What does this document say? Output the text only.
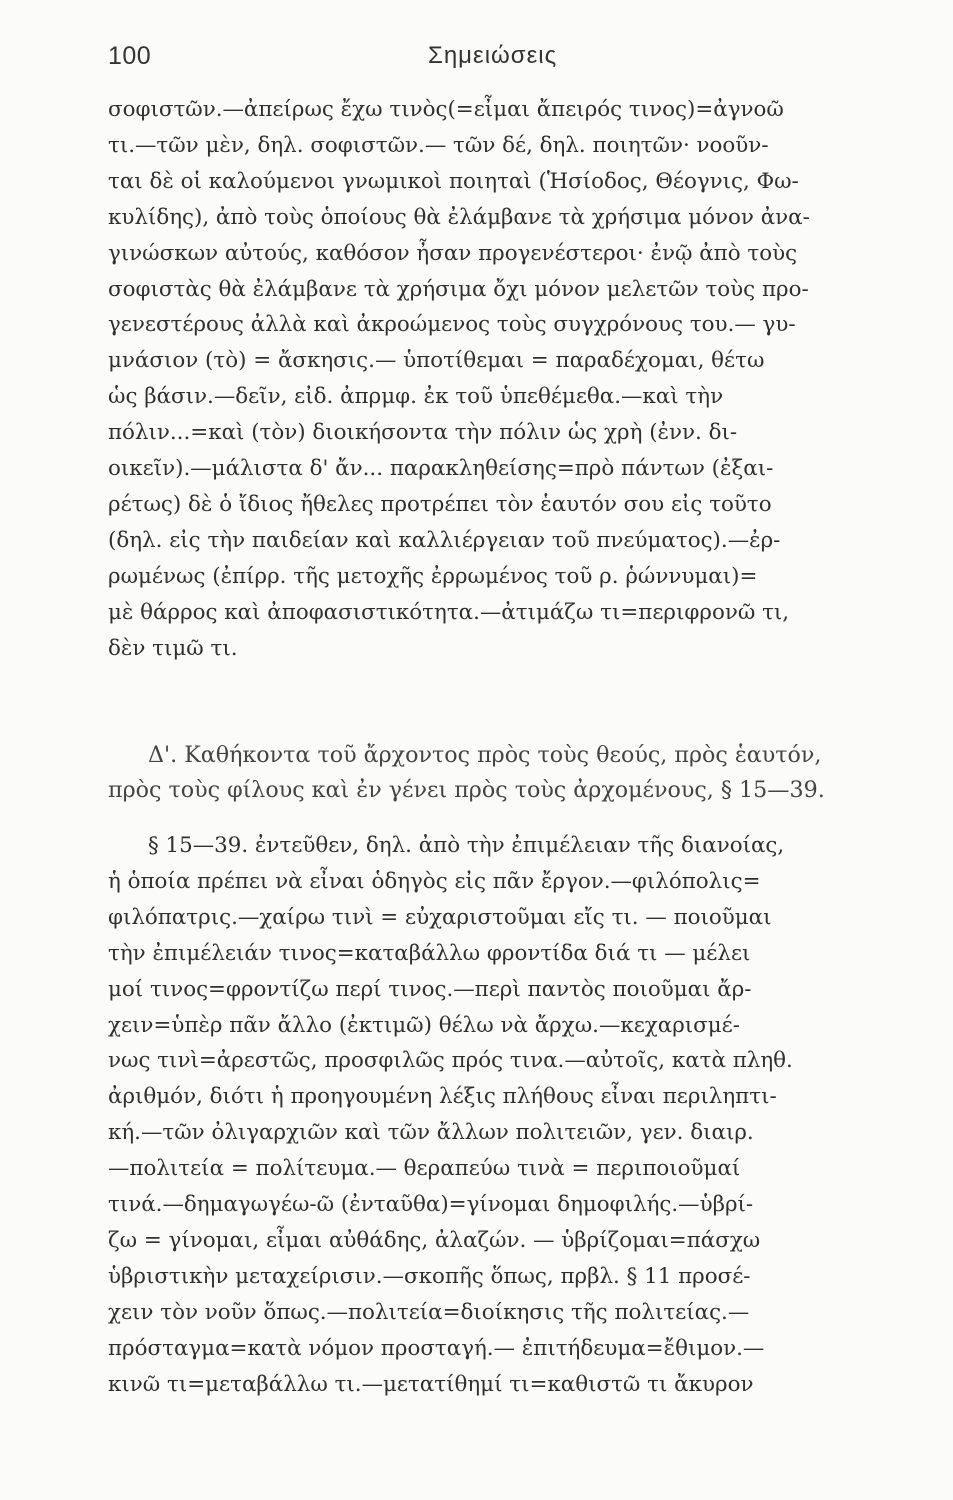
100	Σημειώσεις
σοφιστῶν.—ἀπείρως ἔχω τινὸς(=εἶμαι ἄπειρός τινος)=ἀγνοῶ
τι.—τῶν μὲν, δηλ. σοφιστῶν.— τῶν δέ, δηλ. ποιητῶν· νοοῦν-
ται δὲ οἱ καλούμενοι γνωμικοὶ ποιηταὶ (Ἡσίοδος, Θέογνις, Φω-
κυλίδης), ἀπὸ τοὺς ὁποίους θὰ ἐλάμβανε τὰ χρήσιμα μόνον ἀνα-
γινώσκων αὐτούς, καθόσον ἦσαν προγενέστεροι· ἐνῷ ἀπὸ τοὺς
σοφιστὰς θὰ ἐλάμβανε τὰ χρήσιμα ὄχι μόνον μελετῶν τοὺς προ-
γενεστέρους ἀλλὰ καὶ ἀκροώμενος τοὺς συγχρόνους του.— γυ-
μνάσιον (τὸ) = ἄσκησις.— ὑποτίθεμαι = παραδέχομαι, θέτω
ὡς βάσιν.—δεῖν, εἰδ. ἀπρμφ. ἐκ τοῦ ὑπεθέμεθα.—καὶ τὴν
πόλιν...=καὶ (τὸν) διοικήσοντα τὴν πόλιν ὡς χρὴ (ἐνν. δι-
οικεῖν).—μάλιστα δ' ἄν... παρακληθείσης=πρὸ πάντων (ἐξαι-
ρέτως) δὲ ὁ ἴδιος ἤθελες προτρέπει τὸν ἑαυτόν σου εἰς τοῦτο
(δηλ. εἰς τὴν παιδείαν καὶ καλλιέργειαν τοῦ πνεύματος).—ἐρ-
ρωμένως (ἐπίρρ. τῆς μετοχῆς ἐρρωμένος τοῦ ρ. ῥώννυμαι)=
μὲ θάρρος καὶ ἀποφασιστικότητα.—ἀτιμάζω τι=περιφρονῶ τι,
δὲν τιμῶ τι.
Δ'. Καθήκοντα τοῦ ἄρχοντος πρὸς τοὺς θεούς, πρὸς ἑαυτόν,
πρὸς τοὺς φίλους καὶ ἐν γένει πρὸς τοὺς ἀρχομένους, § 15—39.
§ 15—39. ἐντεῦθεν, δηλ. ἀπὸ τὴν ἐπιμέλειαν τῆς διανοίας,
ἡ ὁποία πρέπει νὰ εἶναι ὁδηγὸς εἰς πᾶν ἔργον.—φιλόπολις=
φιλόπατρις.—χαίρω τινὶ = εὐχαριστοῦμαι εἴς τι. — ποιοῦμαι
τὴν ἐπιμέλειάν τινος=καταβάλλω φροντίδα διά τι — μέλει
μοί τινος=φροντίζω περί τινος.—περὶ παντὸς ποιοῦμαι ἄρ-
χειν=ὑπὲρ πᾶν ἄλλο (ἐκτιμῶ) θέλω νὰ ἄρχω.—κεχαρισμέ-
νως τινὶ=ἀρεστῶς, προσφιλῶς πρός τινα.—αὐτοῖς, κατὰ πληθ.
ἀριθμόν, διότι ἡ προηγουμένη λέξις πλήθους εἶναι περιληπτι-
κή.—τῶν ὀλιγαρχιῶν καὶ τῶν ἄλλων πολιτειῶν, γεν. διαιρ.
—πολιτεία = πολίτευμα.— θεραπεύω τινὰ = περιποιοῦμαί
τινά.—δημαγωγέω-ῶ (ἐνταῦθα)=γίνομαι δημοφιλής.—ὑβρί-
ζω = γίνομαι, εἶμαι αὐθάδης, ἀλαζών. — ὑβρίζομαι=πάσχω
ὑβριστικὴν μεταχείρισιν.—σκοπῆς ὅπως, πρβλ. § 11 προσέ-
χειν τὸν νοῦν ὅπως.—πολιτεία=διοίκησις τῆς πολιτείας.—
πρόσταγμα=κατὰ νόμον προσταγή.— ἐπιτήδευμα=ἔθιμον.—
κινῶ τι=μεταβάλλω τι.—μετατίθημί τι=καθιστῶ τι ἄκυρον
